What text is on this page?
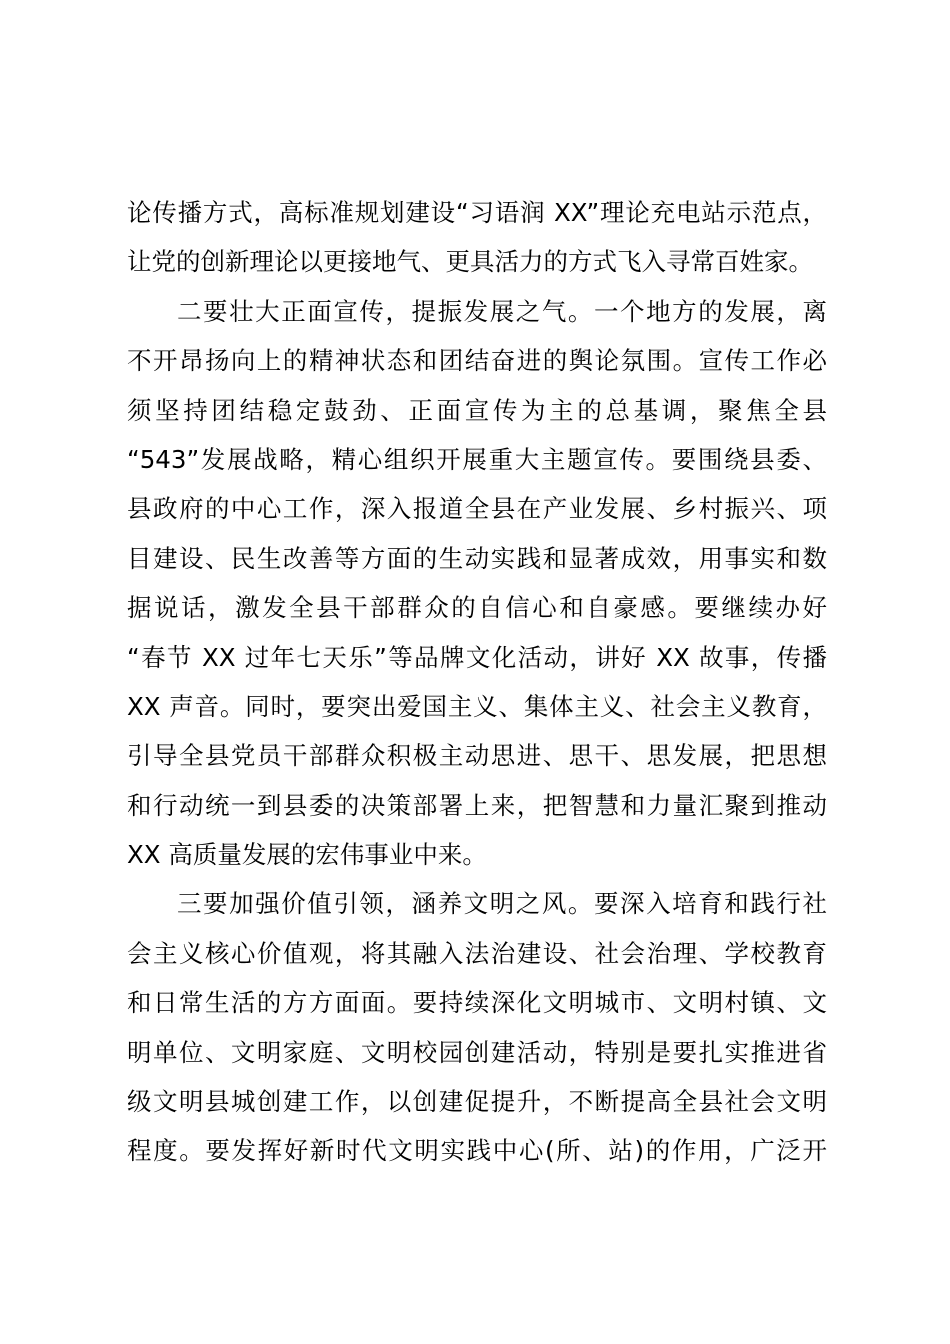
论传播方式，高标准规划建设“习语润 XX”理论充电站示范点，
让党的创新理论以更接地气、更具活力的方式飞入寻常百姓家。
二要壮大正面宣传，提振发展之气。一个地方的发展，离
不开昂扬向上的精神状态和团结奋进的舆论氛围。宣传工作必
须坚持团结稳定鼓劲、正面宣传为主的总基调，聚焦全县
“543”发展战略，精心组织开展重大主题宣传。要围绕县委、
县政府的中心工作，深入报道全县在产业发展、乡村振兴、项
目建设、民生改善等方面的生动实践和显著成效，用事实和数
据说话，激发全县干部群众的自信心和自豪感。要继续办好
“春节 XX 过年七天乐”等品牌文化活动，讲好 XX 故事，传播
XX 声音。同时，要突出爱国主义、集体主义、社会主义教育，
引导全县党员干部群众积极主动思进、思干、思发展，把思想
和行动统一到县委的决策部署上来，把智慧和力量汇聚到推动
XX 高质量发展的宏伟事业中来。
三要加强价值引领，涵养文明之风。要深入培育和践行社
会主义核心价值观，将其融入法治建设、社会治理、学校教育
和日常生活的方方面面。要持续深化文明城市、文明村镇、文
明单位、文明家庭、文明校园创建活动，特别是要扎实推进省
级文明县城创建工作，以创建促提升，不断提高全县社会文明
程度。要发挥好新时代文明实践中心(所、站)的作用，广泛开
